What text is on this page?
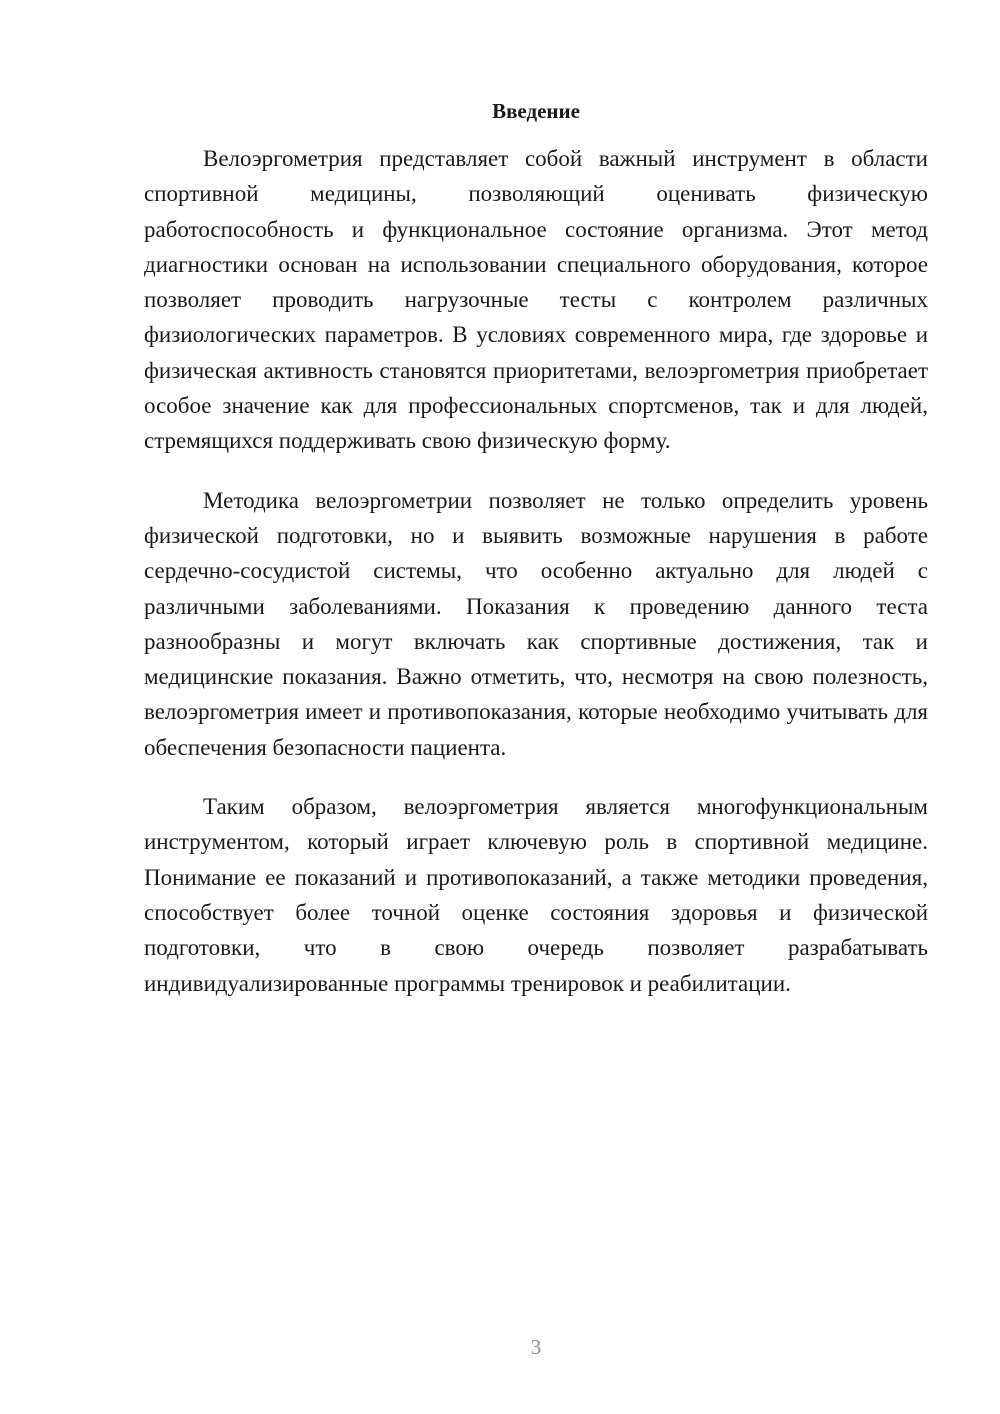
Введение

Велоэргометрия представляет собой важный инструмент в области спортивной медицины, позволяющий оценивать физическую работоспособность и функциональное состояние организма. Этот метод диагностики основан на использовании специального оборудования, которое позволяет проводить нагрузочные тесты с контролем различных физиологических параметров. В условиях современного мира, где здоровье и физическая активность становятся приоритетами, велоэргометрия приобретает особое значение как для профессиональных спортсменов, так и для людей, стремящихся поддерживать свою физическую форму.

Методика велоэргометрии позволяет не только определить уровень физической подготовки, но и выявить возможные нарушения в работе сердечно-сосудистой системы, что особенно актуально для людей с различными заболеваниями. Показания к проведению данного теста разнообразны и могут включать как спортивные достижения, так и медицинские показания. Важно отметить, что, несмотря на свою полезность, велоэргометрия имеет и противопоказания, которые необходимо учитывать для обеспечения безопасности пациента.

Таким образом, велоэргометрия является многофункциональным инструментом, который играет ключевую роль в спортивной медицине. Понимание ее показаний и противопоказаний, а также методики проведения, способствует более точной оценке состояния здоровья и физической подготовки, что в свою очередь позволяет разрабатывать индивидуализированные программы тренировок и реабилитации.

3
